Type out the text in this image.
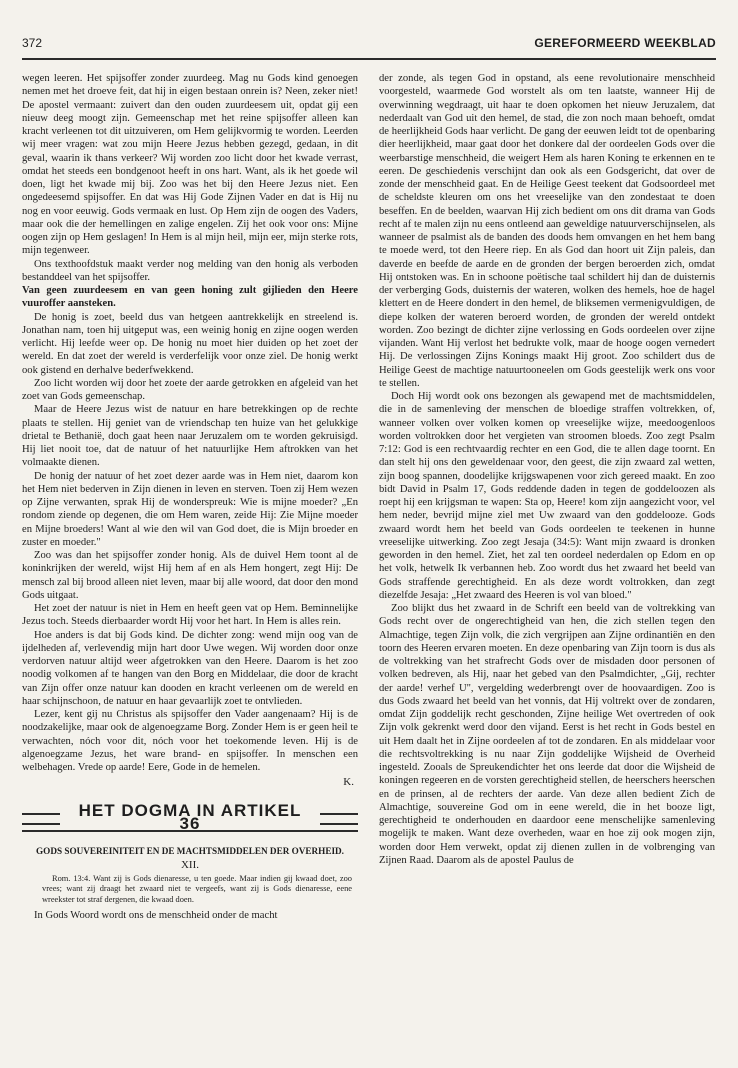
372	GEREFORMEERD WEEKBLAD

wegen leeren. Het spijsoffer zonder zuurdeeg. Mag nu Gods kind genoegen nemen met het droeve feit, dat hij in eigen bestaan onrein is? Neen, zeker niet! De apostel vermaant: zuivert dan den ouden zuurdeesem uit, opdat gij een nieuw deeg moogt zijn. Gemeenschap met het reine spijsoffer alleen kan kracht verleenen tot dit uitzuiveren, om Hem gelijkvormig te worden. Leerden wij meer vragen: wat zou mijn Heere Jezus hebben gezegd, gedaan, in dit geval, waarin ik thans verkeer? Wij worden zoo licht door het kwade verrast, omdat het steeds een bondgenoot heeft in ons hart. Want, als ik het goede wil doen, ligt het kwade mij bij. Zoo was het bij den Heere Jezus niet. Een ongedeesemd spijsoffer. En dat was Hij Gode Zijnen Vader en dat is Hij nu nog en voor eeuwig. Gods vermaak en lust. Op Hem zijn de oogen des Vaders, maar ook die der hemellingen en zalige engelen. Zij het ook voor ons: Mijne oogen zijn op Hem geslagen! In Hem is al mijn heil, mijn eer, mijn sterke rots, mijn tegenweer.

Ons texthoofdstuk maakt verder nog melding van den honig als verboden bestanddeel van het spijsoffer.

Van geen zuurdeesem en van geen honing zult gijlieden den Heere vuuroffer aansteken.

De honig is zoet, beeld dus van hetgeen aantrekkelijk en streelend is. Jonathan nam, toen hij uitgeput was, een weinig honig en zijne oogen werden verlicht. Hij leefde weer op. De honig nu moet hier duiden op het zoet der wereld. En dat zoet der wereld is verderfelijk voor onze ziel. De honig werkt ook gistend en derhalve bederfwekkend.

Zoo licht worden wij door het zoete der aarde getrokken en afgeleid van het zoet van Gods gemeenschap.

Maar de Heere Jezus wist de natuur en hare betrekkingen op de rechte plaats te stellen. Hij geniet van de vriendschap ten huize van het gelukkige drietal te Bethanië, doch gaat heen naar Jeruzalem om te worden gekruisigd. Hij liet nooit toe, dat de natuur of het natuurlijke Hem aftrokken van het volmaakte dienen.

De honig der natuur of het zoet dezer aarde was in Hem niet, daarom kon het Hem niet bederven in Zijn dienen in leven en sterven. Toen zij Hem wezen op Zijne verwanten, sprak Hij de wonderspreuk: Wie is mijne moeder? „En rondom ziende op degenen, die om Hem waren, zeide Hij: Zie Mijne moeder en Mijne broeders! Want al wie den wil van God doet, die is Mijn broeder en zuster en moeder."

Zoo was dan het spijsoffer zonder honig. Als de duivel Hem toont al de koninkrijken der wereld, wijst Hij hem af en als Hem hongert, zegt Hij: De mensch zal bij brood alleen niet leven, maar bij alle woord, dat door den mond Gods uitgaat.

Het zoet der natuur is niet in Hem en heeft geen vat op Hem. Beminnelijke Jezus toch. Steeds dierbaarder wordt Hij voor het hart. In Hem is alles rein.

Hoe anders is dat bij Gods kind. De dichter zong: wend mijn oog van de ijdelheden af, verlevendig mijn hart door Uwe wegen. Wij worden door onze verdorven natuur altijd weer afgetrokken van den Heere. Daarom is het zoo noodig volkomen af te hangen van den Borg en Middelaar, die door de kracht van Zijn offer onze natuur kan dooden en kracht verleenen om de wereld en haar schijnschoon, de natuur en haar gevaarlijk zoet te ontvlieden.

Lezer, kent gij nu Christus als spijsoffer den Vader aangenaam? Hij is de noodzakelijke, maar ook de algenoegzame Borg. Zonder Hem is er geen heil te verwachten, nóch voor dit, nóch voor het toekomende leven. Hij is de algenoegzame Jezus, het ware brand- en spijsoffer. In menschen een welbehagen. Vrede op aarde! Eere, Gode in de hemelen.

K.
HET DOGMA IN ARTIKEL 36
GODS SOUVEREINITEIT EN DE MACHTSMIDDELEN DER OVERHEID.
XII.

Rom. 13:4. Want zij is Gods dienaresse, u ten goede. Maar indien gij kwaad doet, zoo vrees; want zij draagt het zwaard niet te vergeefs, want zij is Gods dienaresse, eene wreekster tot straf dergenen, die kwaad doen.

In Gods Woord wordt ons de menschheid onder de macht

der zonde, als tegen God in opstand, als eene revolutionaire menschheid voorgesteld, waarmede God worstelt als om ten laatste, wanneer Hij de overwinning wegdraagt, uit haar te doen opkomen het nieuw Jeruzalem, dat nederdaalt van God uit den hemel, de stad, die zon noch maan behoeft, omdat de heerlijkheid Gods haar verlicht. De gang der eeuwen leidt tot de openbaring dier heerlijkheid, maar gaat door het donkere dal der oordeelen Gods over die weerbarstige menschheid, die weigert Hem als haren Koning te erkennen en te eeren. De geschiedenis verschijnt dan ook als een Godsgericht, dat over de zonde der menschheid gaat. En de Heilige Geest teekent dat Godsoordeel met de scheldste kleuren om ons het vreeselijke van den zondestaat te doen beseffen. En de beelden, waarvan Hij zich bedient om ons dit drama van Gods recht af te malen zijn nu eens ontleend aan geweldige natuurverschijnselen, als wanneer de psalmist als de banden des doods hem omvangen en het hem bang te moede werd, tot den Heere riep. En als God dan hoort uit Zijn paleis, dan daverde en beefde de aarde en de gronden der bergen beroerden zich, omdat Hij ontstoken was. En in schoone poëtische taal schildert hij dan de duisternis der verberging Gods, duisternis der wateren, wolken des hemels, hoe de hagel klettert en de Heere dondert in den hemel, de bliksemen vermenigvuldigen, de diepe kolken der wateren beroerd worden, de gronden der wereld ontdekt worden. Zoo bezingt de dichter zijne verlossing en Gods oordeelen over zijne vijanden. Want Hij verlost het bedrukte volk, maar de hooge oogen vernedert Hij. De verlossingen Zijns Konings maakt Hij groot. Zoo schildert dus de Heilige Geest de machtige natuurtooneelen om Gods geestelijk werk ons voor te stellen.

Doch Hij wordt ook ons bezongen als gewapend met de machtsmiddelen, die in de samenleving der menschen de bloedige straffen voltrekken, of, wanneer volken over volken komen op vreeselijke wijze, meedoogenloos worden voltrokken door het vergieten van stroomen bloeds. Zoo zegt Psalm 7:12: God is een rechtvaardig rechter en een God, die te allen dage toornt. En dan stelt hij ons den geweldenaar voor, den geest, die zijn zwaard zal wetten, zijn boog spannen, doodelijke krijgswapenen voor zich gereed maakt. En zoo bidt David in Psalm 17, Gods reddende daden in tegen de goddeloozen als roept hij een krijgsman te wapen: Sta op, Heere! kom zijn aangezicht voor, vel hem neder, bevrijd mijne ziel met Uw zwaard van den goddelooze. Gods zwaard wordt hem het beeld van Gods oordeelen te teekenen in hunne vreeselijke uitwerking. Zoo zegt Jesaja (34:5): Want mijn zwaard is dronken geworden in den hemel. Ziet, het zal ten oordeel nederdalen op Edom en op het volk, hetwelk Ik verbannen heb. Zoo wordt dus het zwaard het beeld van Gods straffende gerechtigheid. En als deze wordt voltrokken, dan zegt diezelfde Jesaja: „Het zwaard des Heeren is vol van bloed."

Zoo blijkt dus het zwaard in de Schrift een beeld van de voltrekking van Gods recht over de ongerechtigheid van hen, die zich stellen tegen den Almachtige, tegen Zijn volk, die zich vergrijpen aan Zijne ordinantiën en den toorn des Heeren ervaren moeten. En deze openbaring van Zijn toorn is dus als de voltrekking van het strafrecht Gods over de misdaden door personen of volken bedreven, als Hij, naar het gebed van den Psalmdichter, „Gij, rechter der aarde! verhef U", vergelding wederbrengt over de hoovaardigen. Zoo is dus Gods zwaard het beeld van het vonnis, dat Hij voltrekt over de zondaren, omdat Zijn goddelijk recht geschonden, Zijne heilige Wet overtreden of ook Zijn volk gekrenkt werd door den vijand. Eerst is het recht in Gods bestel en uit Hem daalt het in Zijne oordeelen af tot de zondaren. En als middelaar voor die rechtsvoltrekking is nu naar Zijn goddelijke Wijsheid de Overheid ingesteld. Zooals de Spreukendichter het ons leerde dat door die Wijsheid de koningen regeeren en de vorsten gerechtigheid stellen, de heerschers heerschen en de prinsen, al de rechters der aarde. Van deze allen bedient Zich de Almachtige, souvereine God om in eene wereld, die in het booze ligt, gerechtigheid te onderhouden en daardoor eene menschelijke samenleving mogelijk te maken. Want deze overheden, waar en hoe zij ook mogen zijn, worden door Hem verwekt, opdat zij dienen zullen in de volbrenging van Zijnen Raad. Daarom als de apostel Paulus de
